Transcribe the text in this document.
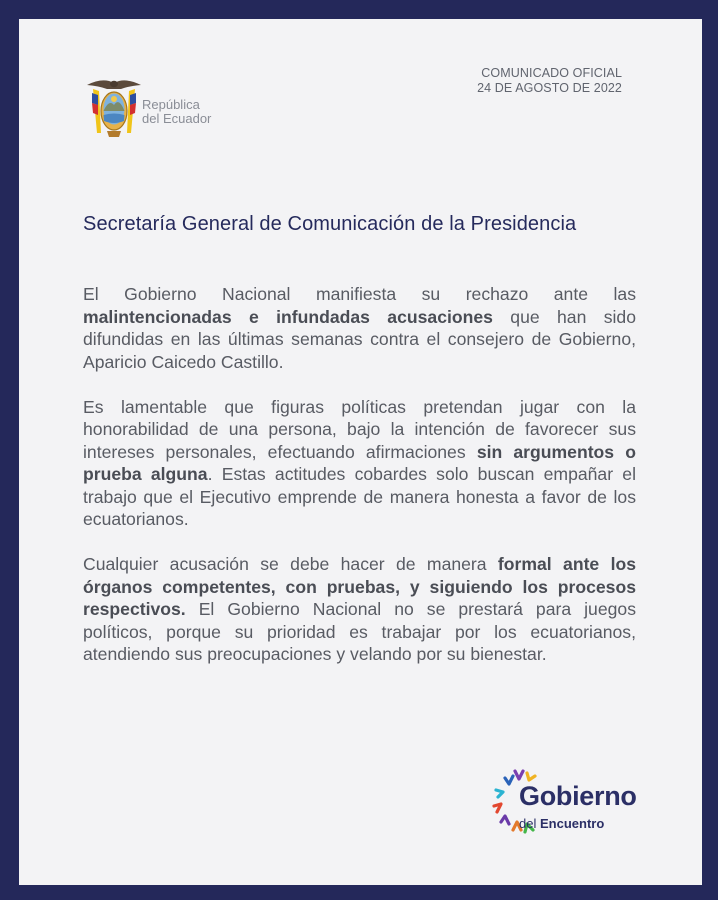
República
del Ecuador
COMUNICADO OFICIAL
24 DE AGOSTO DE 2022
Secretaría General de Comunicación de la Presidencia

El Gobierno Nacional manifiesta su rechazo ante las malintencionadas e infundadas acusaciones que han sido difundidas en las últimas semanas contra el consejero de Gobierno, Aparicio Caicedo Castillo.

Es lamentable que figuras políticas pretendan jugar con la honorabilidad de una persona, bajo la intención de favorecer sus intereses personales, efectuando afirmaciones sin argumentos o prueba alguna. Estas actitudes cobardes solo buscan empañar el trabajo que el Ejecutivo emprende de manera honesta a favor de los ecuatorianos.

Cualquier acusación se debe hacer de manera formal ante los órganos competentes, con pruebas, y siguiendo los procesos respectivos. El Gobierno Nacional no se prestará para juegos políticos, porque su prioridad es trabajar por los ecuatorianos, atendiendo sus preocupaciones y velando por su bienestar.

Gobierno
del Encuentro
